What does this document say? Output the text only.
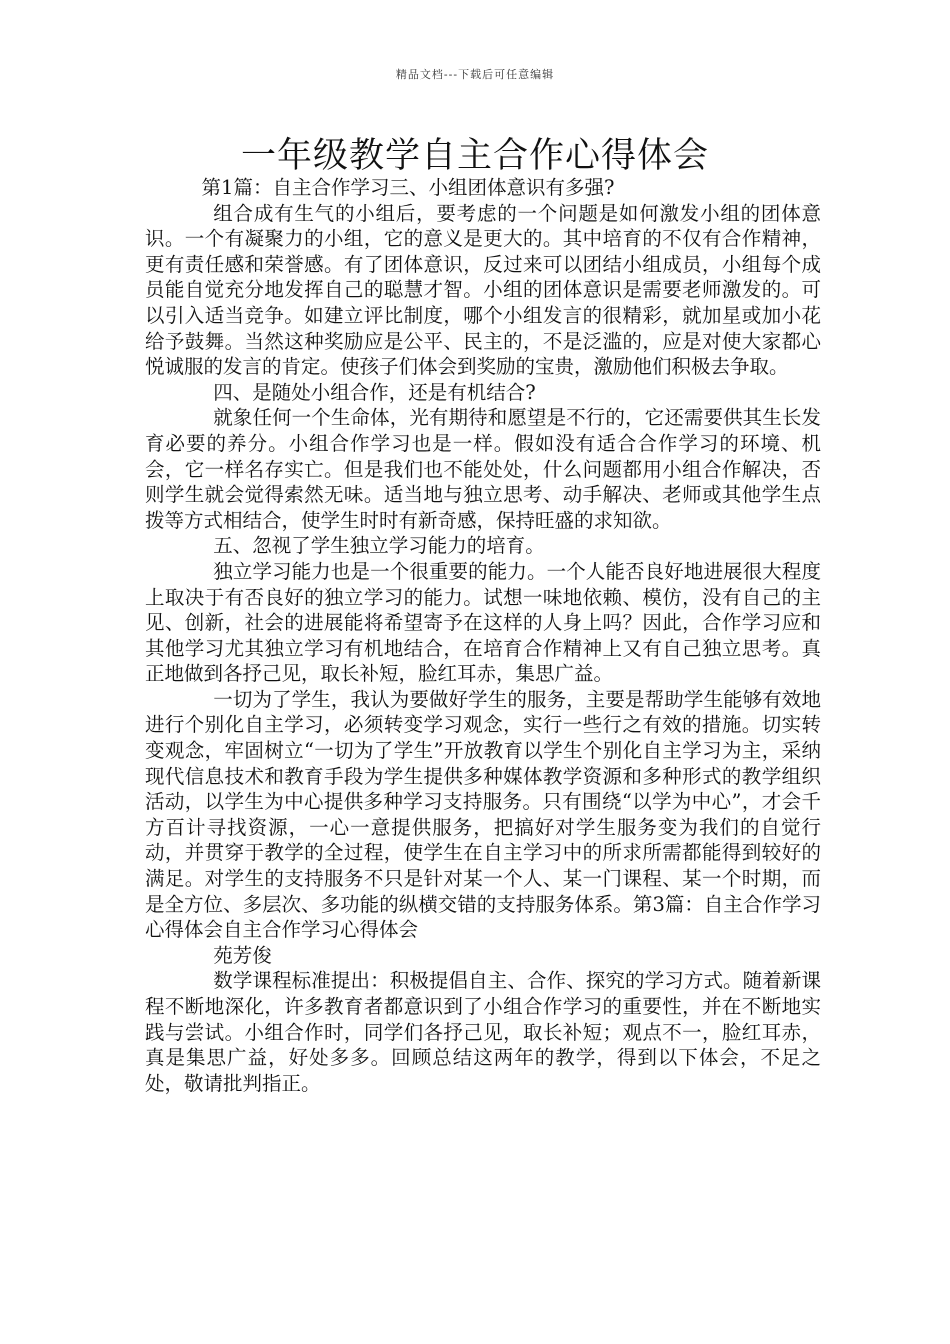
精品文档---下载后可任意编辑
一年级教学自主合作心得体会

第1篇：自主合作学习三、小组团体意识有多强?

组合成有生气的小组后，要考虑的一个问题是如何激发小组的团体意识。一个有凝聚力的小组，它的意义是更大的。其中培育的不仅有合作精神，更有责任感和荣誉感。有了团体意识，反过来可以团结小组成员，小组每个成员能自觉充分地发挥自己的聪慧才智。小组的团体意识是需要老师激发的。可以引入适当竞争。如建立评比制度，哪个小组发言的很精彩，就加星或加小花给予鼓舞。当然这种奖励应是公平、民主的，不是泛滥的，应是对使大家都心悦诚服的发言的肯定。使孩子们体会到奖励的宝贵，激励他们积极去争取。

四、是随处小组合作，还是有机结合?

就象任何一个生命体，光有期待和愿望是不行的，它还需要供其生长发育必要的养分。小组合作学习也是一样。假如没有适合合作学习的环境、机会，它一样名存实亡。但是我们也不能处处，什么问题都用小组合作解决，否则学生就会觉得索然无味。适当地与独立思考、动手解决、老师或其他学生点拨等方式相结合，使学生时时有新奇感，保持旺盛的求知欲。

五、忽视了学生独立学习能力的培育。

独立学习能力也是一个很重要的能力。一个人能否良好地进展很大程度上取决于有否良好的独立学习的能力。试想一味地依赖、模仿，没有自己的主见、创新，社会的进展能将希望寄予在这样的人身上吗？因此，合作学习应和其他学习尤其独立学习有机地结合，在培育合作精神上又有自己独立思考。真正地做到各抒己见，取长补短，脸红耳赤，集思广益。

一切为了学生，我认为要做好学生的服务，主要是帮助学生能够有效地进行个别化自主学习，必须转变学习观念，实行一些行之有效的措施。切实转变观念，牢固树立“一切为了学生”开放教育以学生个别化自主学习为主，采纳现代信息技术和教育手段为学生提供多种媒体教学资源和多种形式的教学组织活动，以学生为中心提供多种学习支持服务。只有围绕“以学为中心”，才会千方百计寻找资源，一心一意提供服务，把搞好对学生服务变为我们的自觉行动，并贯穿于教学的全过程，使学生在自主学习中的所求所需都能得到较好的满足。对学生的支持服务不只是针对某一个人、某一门课程、某一个时期，而是全方位、多层次、多功能的纵横交错的支持服务体系。第3篇：自主合作学习心得体会自主合作学习心得体会

苑芳俊

数学课程标准提出：积极提倡自主、合作、探究的学习方式。随着新课程不断地深化，许多教育者都意识到了小组合作学习的重要性，并在不断地实践与尝试。小组合作时，同学们各抒己见，取长补短；观点不一，脸红耳赤，真是集思广益，好处多多。回顾总结这两年的教学，得到以下体会，不足之处，敬请批判指正。
